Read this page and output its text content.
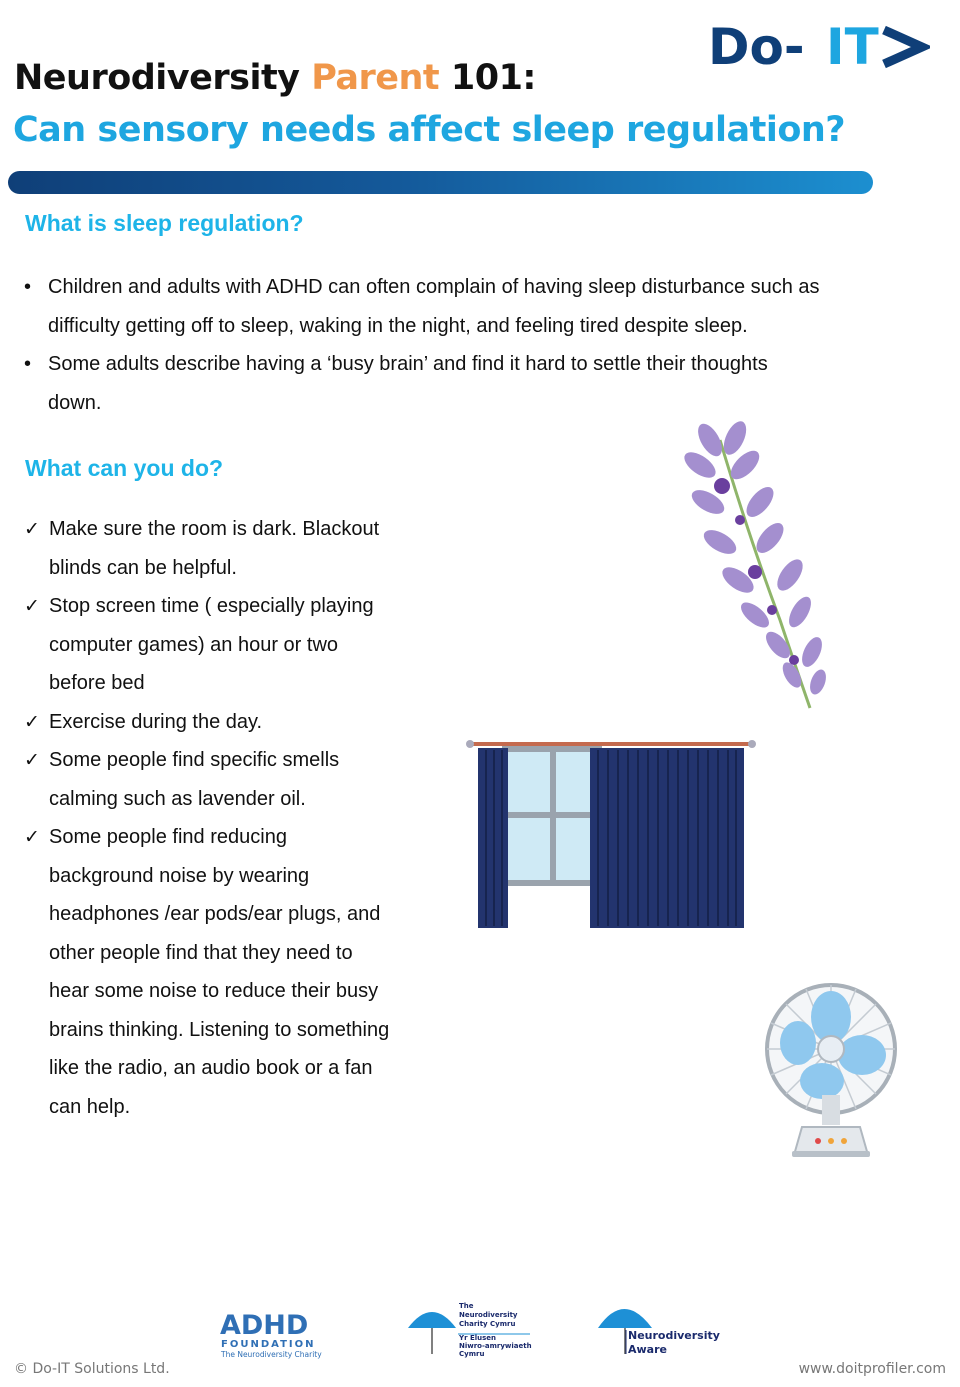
Do- IT
Neurodiversity Parent 101:
Can sensory needs affect sleep regulation?
What is sleep regulation?
• Children and adults with ADHD can often complain of having sleep disturbance such as
difficulty getting off to sleep, waking in the night, and feeling tired despite sleep.
• Some adults describe having a ‘busy brain’ and find it hard to settle their thoughts
down.
What can you do?
✓ Make sure the room is dark. Blackout
blinds can be helpful.
✓ Stop screen time ( especially playing
computer games) an hour or two
before bed
✓ Exercise during the day.
✓ Some people find specific smells
calming such as lavender oil.
✓ Some people find reducing
background noise by wearing
headphones /ear pods/ear plugs, and
other people find that they need to
hear some noise to reduce their busy
brains thinking. Listening to something
like the radio, an audio book or a fan
can help.
ADHD
FOUNDATION
The Neurodiversity Charity
The
Neurodiversity
Charity Cymru
Yr Elusen
Niwro-amrywiaeth
Cymru
Neurodiversity
Aware
© Do-IT Solutions Ltd.	www.doitprofiler.com
